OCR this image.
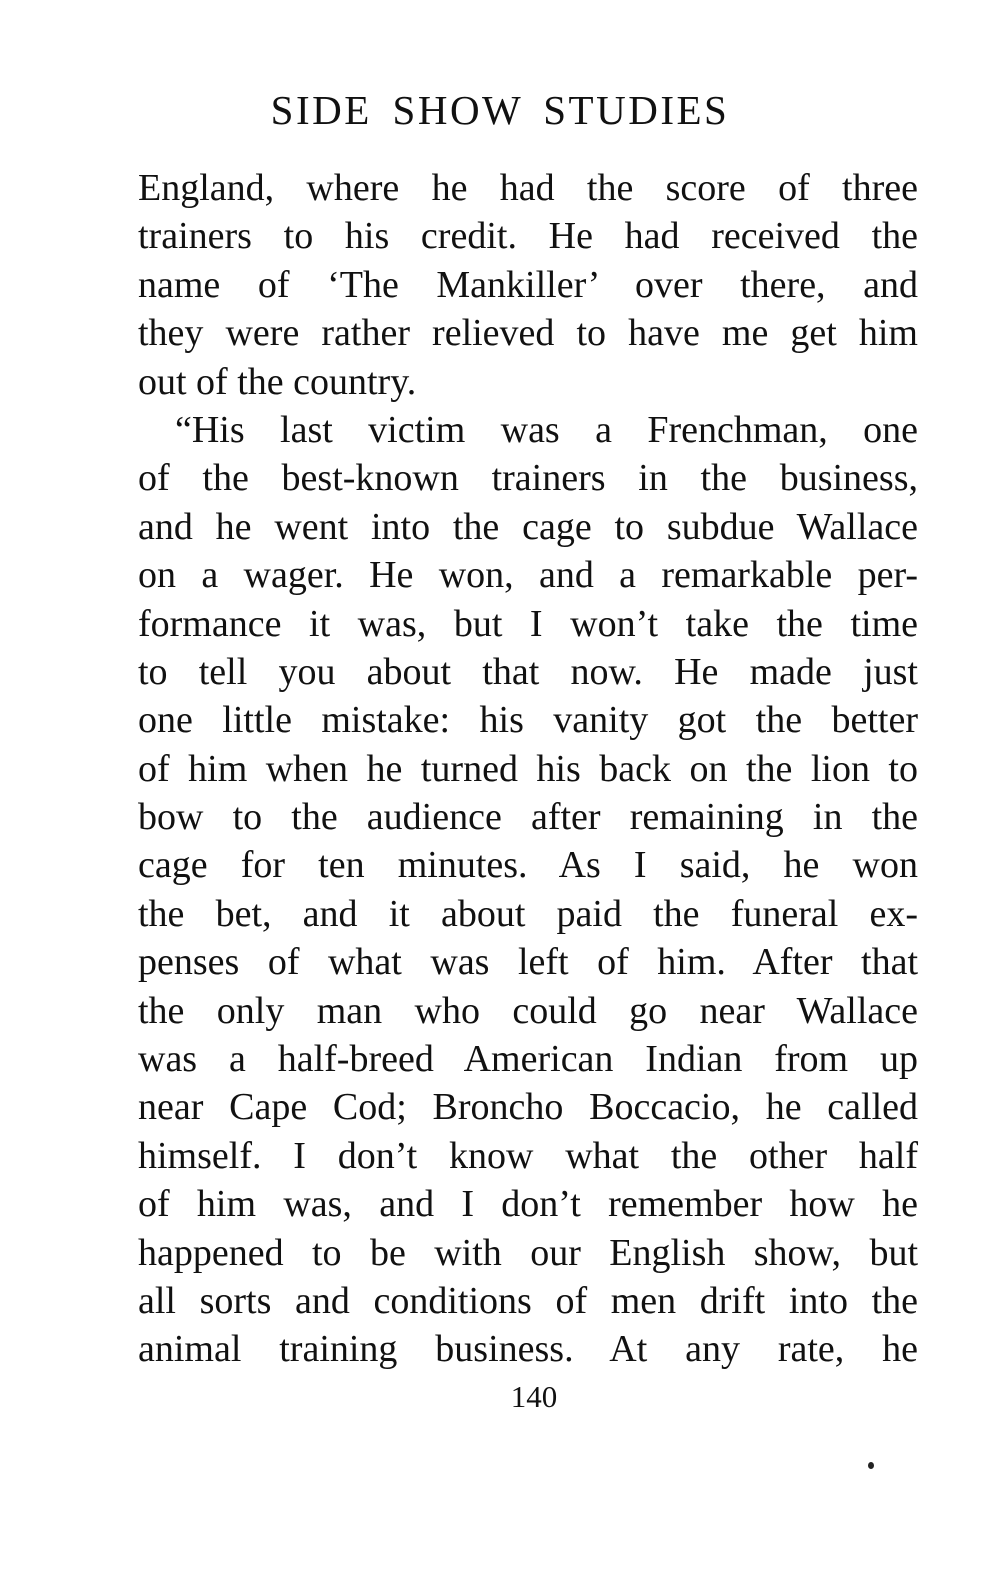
SIDE SHOW STUDIES
England, where he had the score of three
trainers to his credit. He had received the
name of ‘The Mankiller’ over there, and
they were rather relieved to have me get him
out of the country.
“His last victim was a Frenchman, one
of the best-known trainers in the business,
and he went into the cage to subdue Wallace
on a wager. He won, and a remarkable per-
formance it was, but I won’t take the time
to tell you about that now. He made just
one little mistake: his vanity got the better
of him when he turned his back on the lion to
bow to the audience after remaining in the
cage for ten minutes. As I said, he won
the bet, and it about paid the funeral ex-
penses of what was left of him. After that
the only man who could go near Wallace
was a half-breed American Indian from up
near Cape Cod; Broncho Boccacio, he called
himself. I don’t know what the other half
of him was, and I don’t remember how he
happened to be with our English show, but
all sorts and conditions of men drift into the
animal training business. At any rate, he
140
